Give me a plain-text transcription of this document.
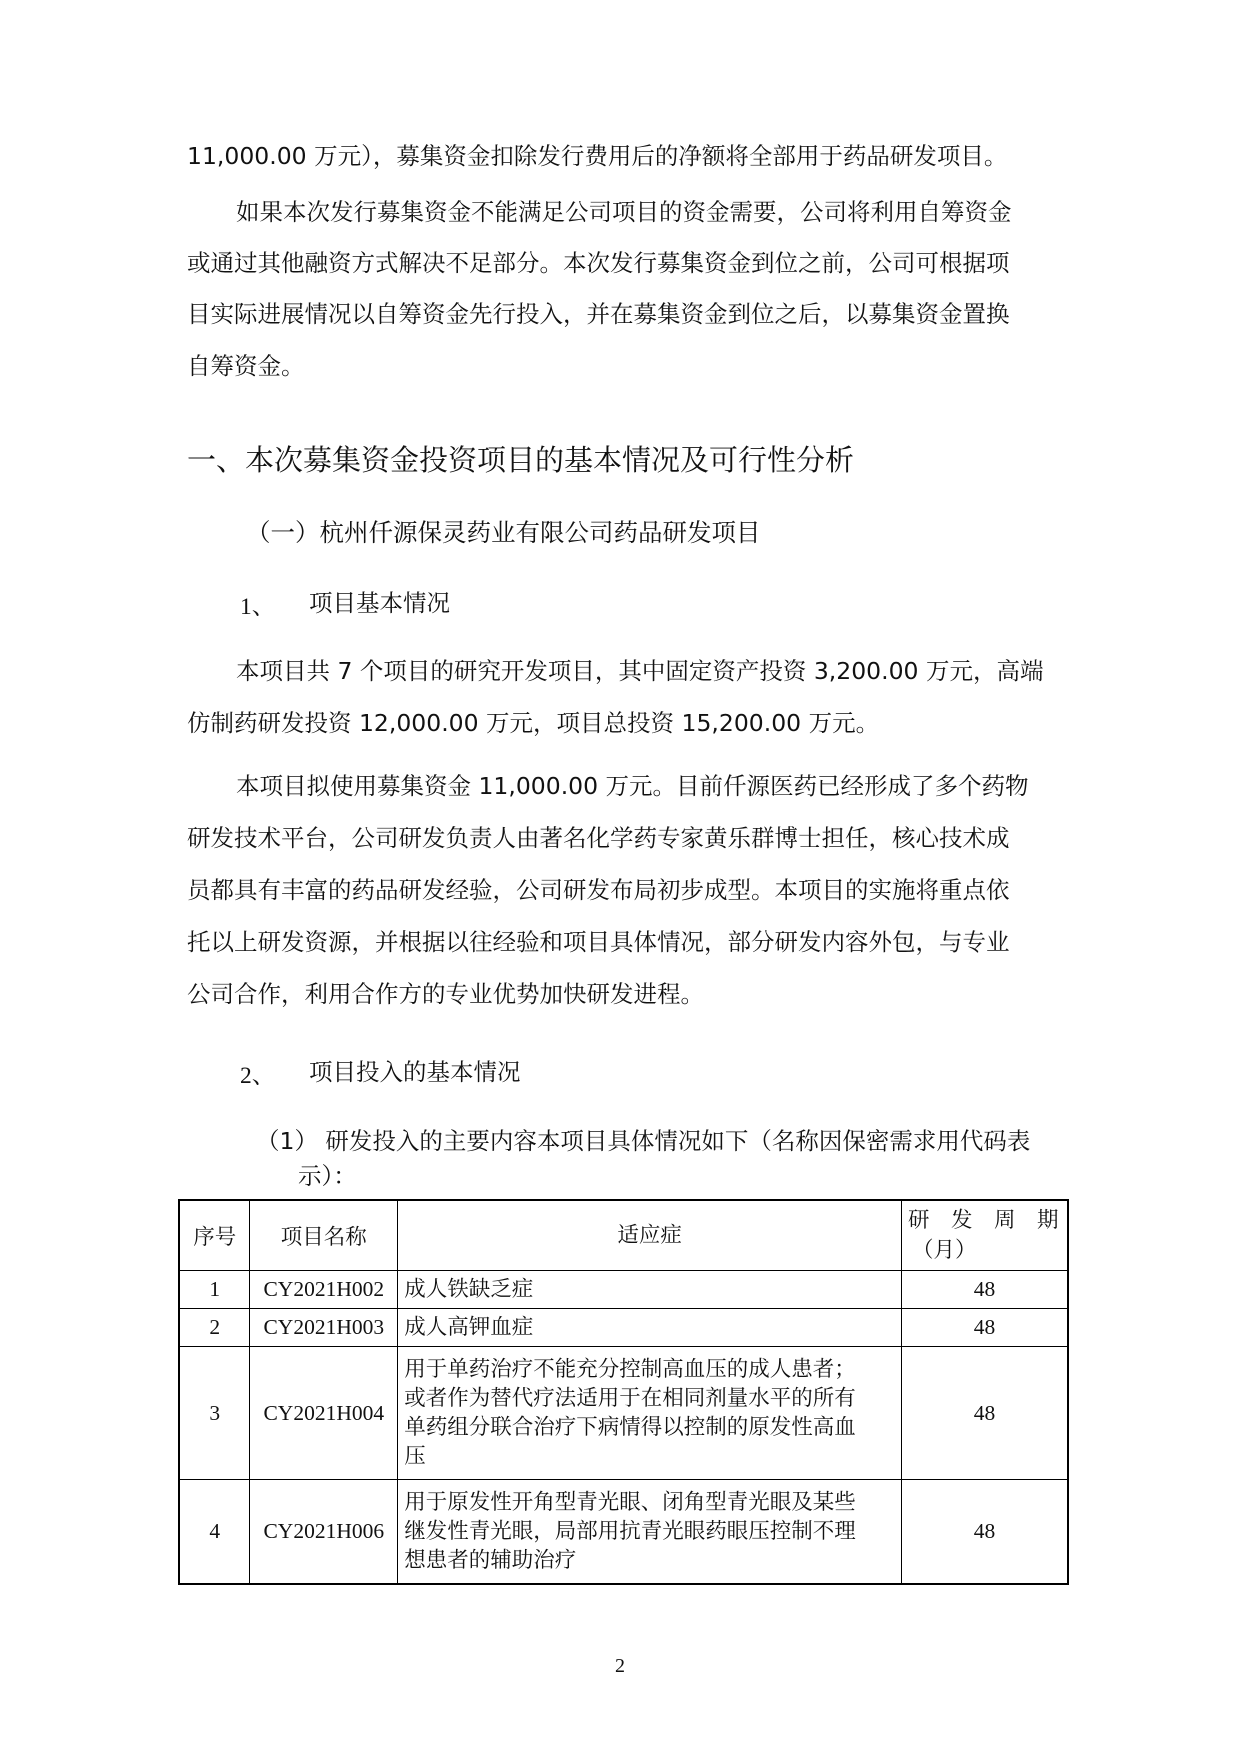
11,000.00 万元），募集资金扣除发行费用后的净额将全部用于药品研发项目。
如果本次发行募集资金不能满足公司项目的资金需要，公司将利用自筹资金
或通过其他融资方式解决不足部分。本次发行募集资金到位之前，公司可根据项
目实际进展情况以自筹资金先行投入，并在募集资金到位之后，以募集资金置换
自筹资金。
一、本次募集资金投资项目的基本情况及可行性分析
（一）杭州仟源保灵药业有限公司药品研发项目
1、 项目基本情况
本项目共 7 个项目的研究开发项目，其中固定资产投资 3,200.00 万元，高端
仿制药研发投资 12,000.00 万元，项目总投资 15,200.00 万元。
本项目拟使用募集资金 11,000.00 万元。目前仟源医药已经形成了多个药物
研发技术平台，公司研发负责人由著名化学药专家黄乐群博士担任，核心技术成
员都具有丰富的药品研发经验，公司研发布局初步成型。本项目的实施将重点依
托以上研发资源，并根据以往经验和项目具体情况，部分研发内容外包，与专业
公司合作，利用合作方的专业优势加快研发进程。
2、 项目投入的基本情况
（1） 研发投入的主要内容本项目具体情况如下（名称因保密需求用代码表
示）：
序号	项目名称	适应症	研　发　周　期
（月）

1	CY2021H002	成人铁缺乏症	48
2	CY2021H003	成人高钾血症	48
3	CY2021H004	用于单药治疗不能充分控制高血压的成人患者；
或者作为替代疗法适用于在相同剂量水平的所有
单药组分联合治疗下病情得以控制的原发性高血
压	48
4	CY2021H006	用于原发性开角型青光眼、闭角型青光眼及某些
继发性青光眼，局部用抗青光眼药眼压控制不理
想患者的辅助治疗	48
2
